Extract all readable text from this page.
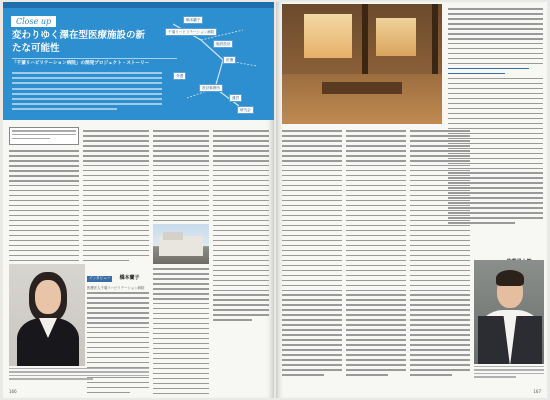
Close up
変わりゆく澤在型医療施設の新たな可能性
「千葉リハビリテーション病院」の開発プロジェクト・ストーリー
橋本蘭子
千葉リハビリテーション病院
施設設計
医療
介護
設計事務所
運営
研究会
インタビュー 橋本蘭子
医療法人千葉リハビリテーション病院
166
	167
